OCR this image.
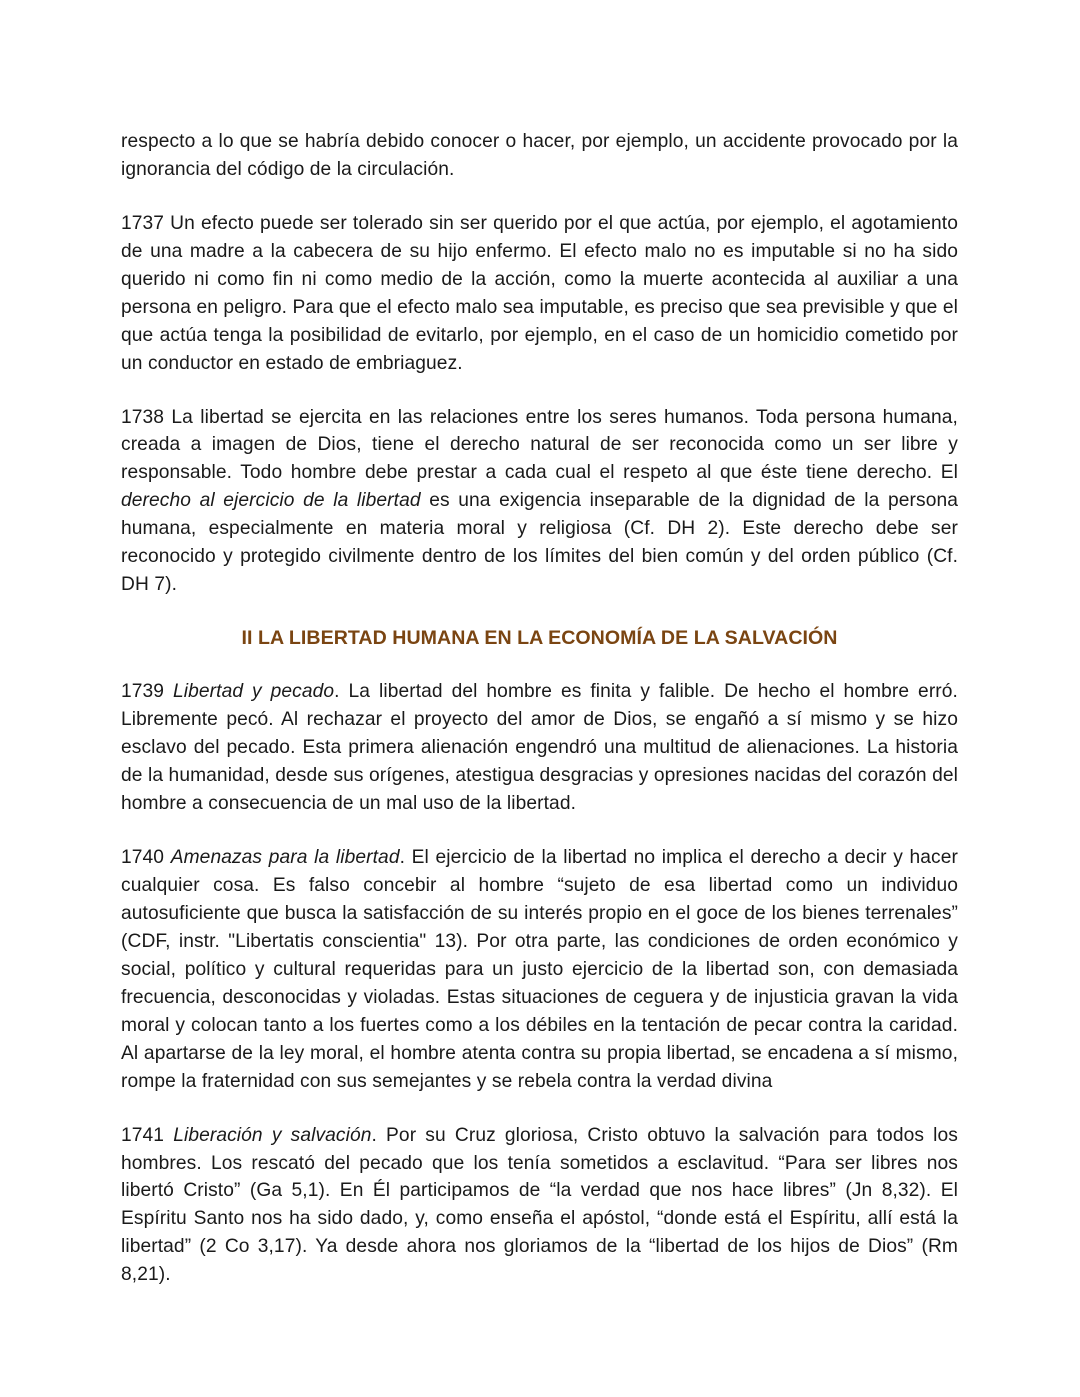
respecto a lo que se habría debido conocer o hacer, por ejemplo, un accidente provocado por la ignorancia del código de la circulación.

1737 Un efecto puede ser tolerado sin ser querido por el que actúa, por ejemplo, el agotamiento de una madre a la cabecera de su hijo enfermo. El efecto malo no es imputable si no ha sido querido ni como fin ni como medio de la acción, como la muerte acontecida al auxiliar a una persona en peligro. Para que el efecto malo sea imputable, es preciso que sea previsible y que el que actúa tenga la posibilidad de evitarlo, por ejemplo, en el caso de un homicidio cometido por un conductor en estado de embriaguez.

1738 La libertad se ejercita en las relaciones entre los seres humanos. Toda persona humana, creada a imagen de Dios, tiene el derecho natural de ser reconocida como un ser libre y responsable. Todo hombre debe prestar a cada cual el respeto al que éste tiene derecho. El derecho al ejercicio de la libertad es una exigencia inseparable de la dignidad de la persona humana, especialmente en materia moral y religiosa (Cf. DH 2). Este derecho debe ser reconocido y protegido civilmente dentro de los límites del bien común y del orden público (Cf. DH 7).

II LA LIBERTAD HUMANA EN LA ECONOMÍA DE LA SALVACIÓN

1739 Libertad y pecado. La libertad del hombre es finita y falible. De hecho el hombre erró. Libremente pecó. Al rechazar el proyecto del amor de Dios, se engañó a sí mismo y se hizo esclavo del pecado. Esta primera alienación engendró una multitud de alienaciones. La historia de la humanidad, desde sus orígenes, atestigua desgracias y opresiones nacidas del corazón del hombre a consecuencia de un mal uso de la libertad.

1740 Amenazas para la libertad. El ejercicio de la libertad no implica el derecho a decir y hacer cualquier cosa. Es falso concebir al hombre “sujeto de esa libertad como un individuo autosuficiente que busca la satisfacción de su interés propio en el goce de los bienes terrenales” (CDF, instr. "Libertatis conscientia" 13). Por otra parte, las condiciones de orden económico y social, político y cultural requeridas para un justo ejercicio de la libertad son, con demasiada frecuencia, desconocidas y violadas. Estas situaciones de ceguera y de injusticia gravan la vida moral y colocan tanto a los fuertes como a los débiles en la tentación de pecar contra la caridad. Al apartarse de la ley moral, el hombre atenta contra su propia libertad, se encadena a sí mismo, rompe la fraternidad con sus semejantes y se rebela contra la verdad divina

1741 Liberación y salvación. Por su Cruz gloriosa, Cristo obtuvo la salvación para todos los hombres. Los rescató del pecado que los tenía sometidos a esclavitud. “Para ser libres nos libertó Cristo” (Ga 5,1). En Él participamos de “la verdad que nos hace libres” (Jn 8,32). El Espíritu Santo nos ha sido dado, y, como enseña el apóstol, “donde está el Espíritu, allí está la libertad” (2 Co 3,17). Ya desde ahora nos gloriamos de la “libertad de los hijos de Dios” (Rm 8,21).
